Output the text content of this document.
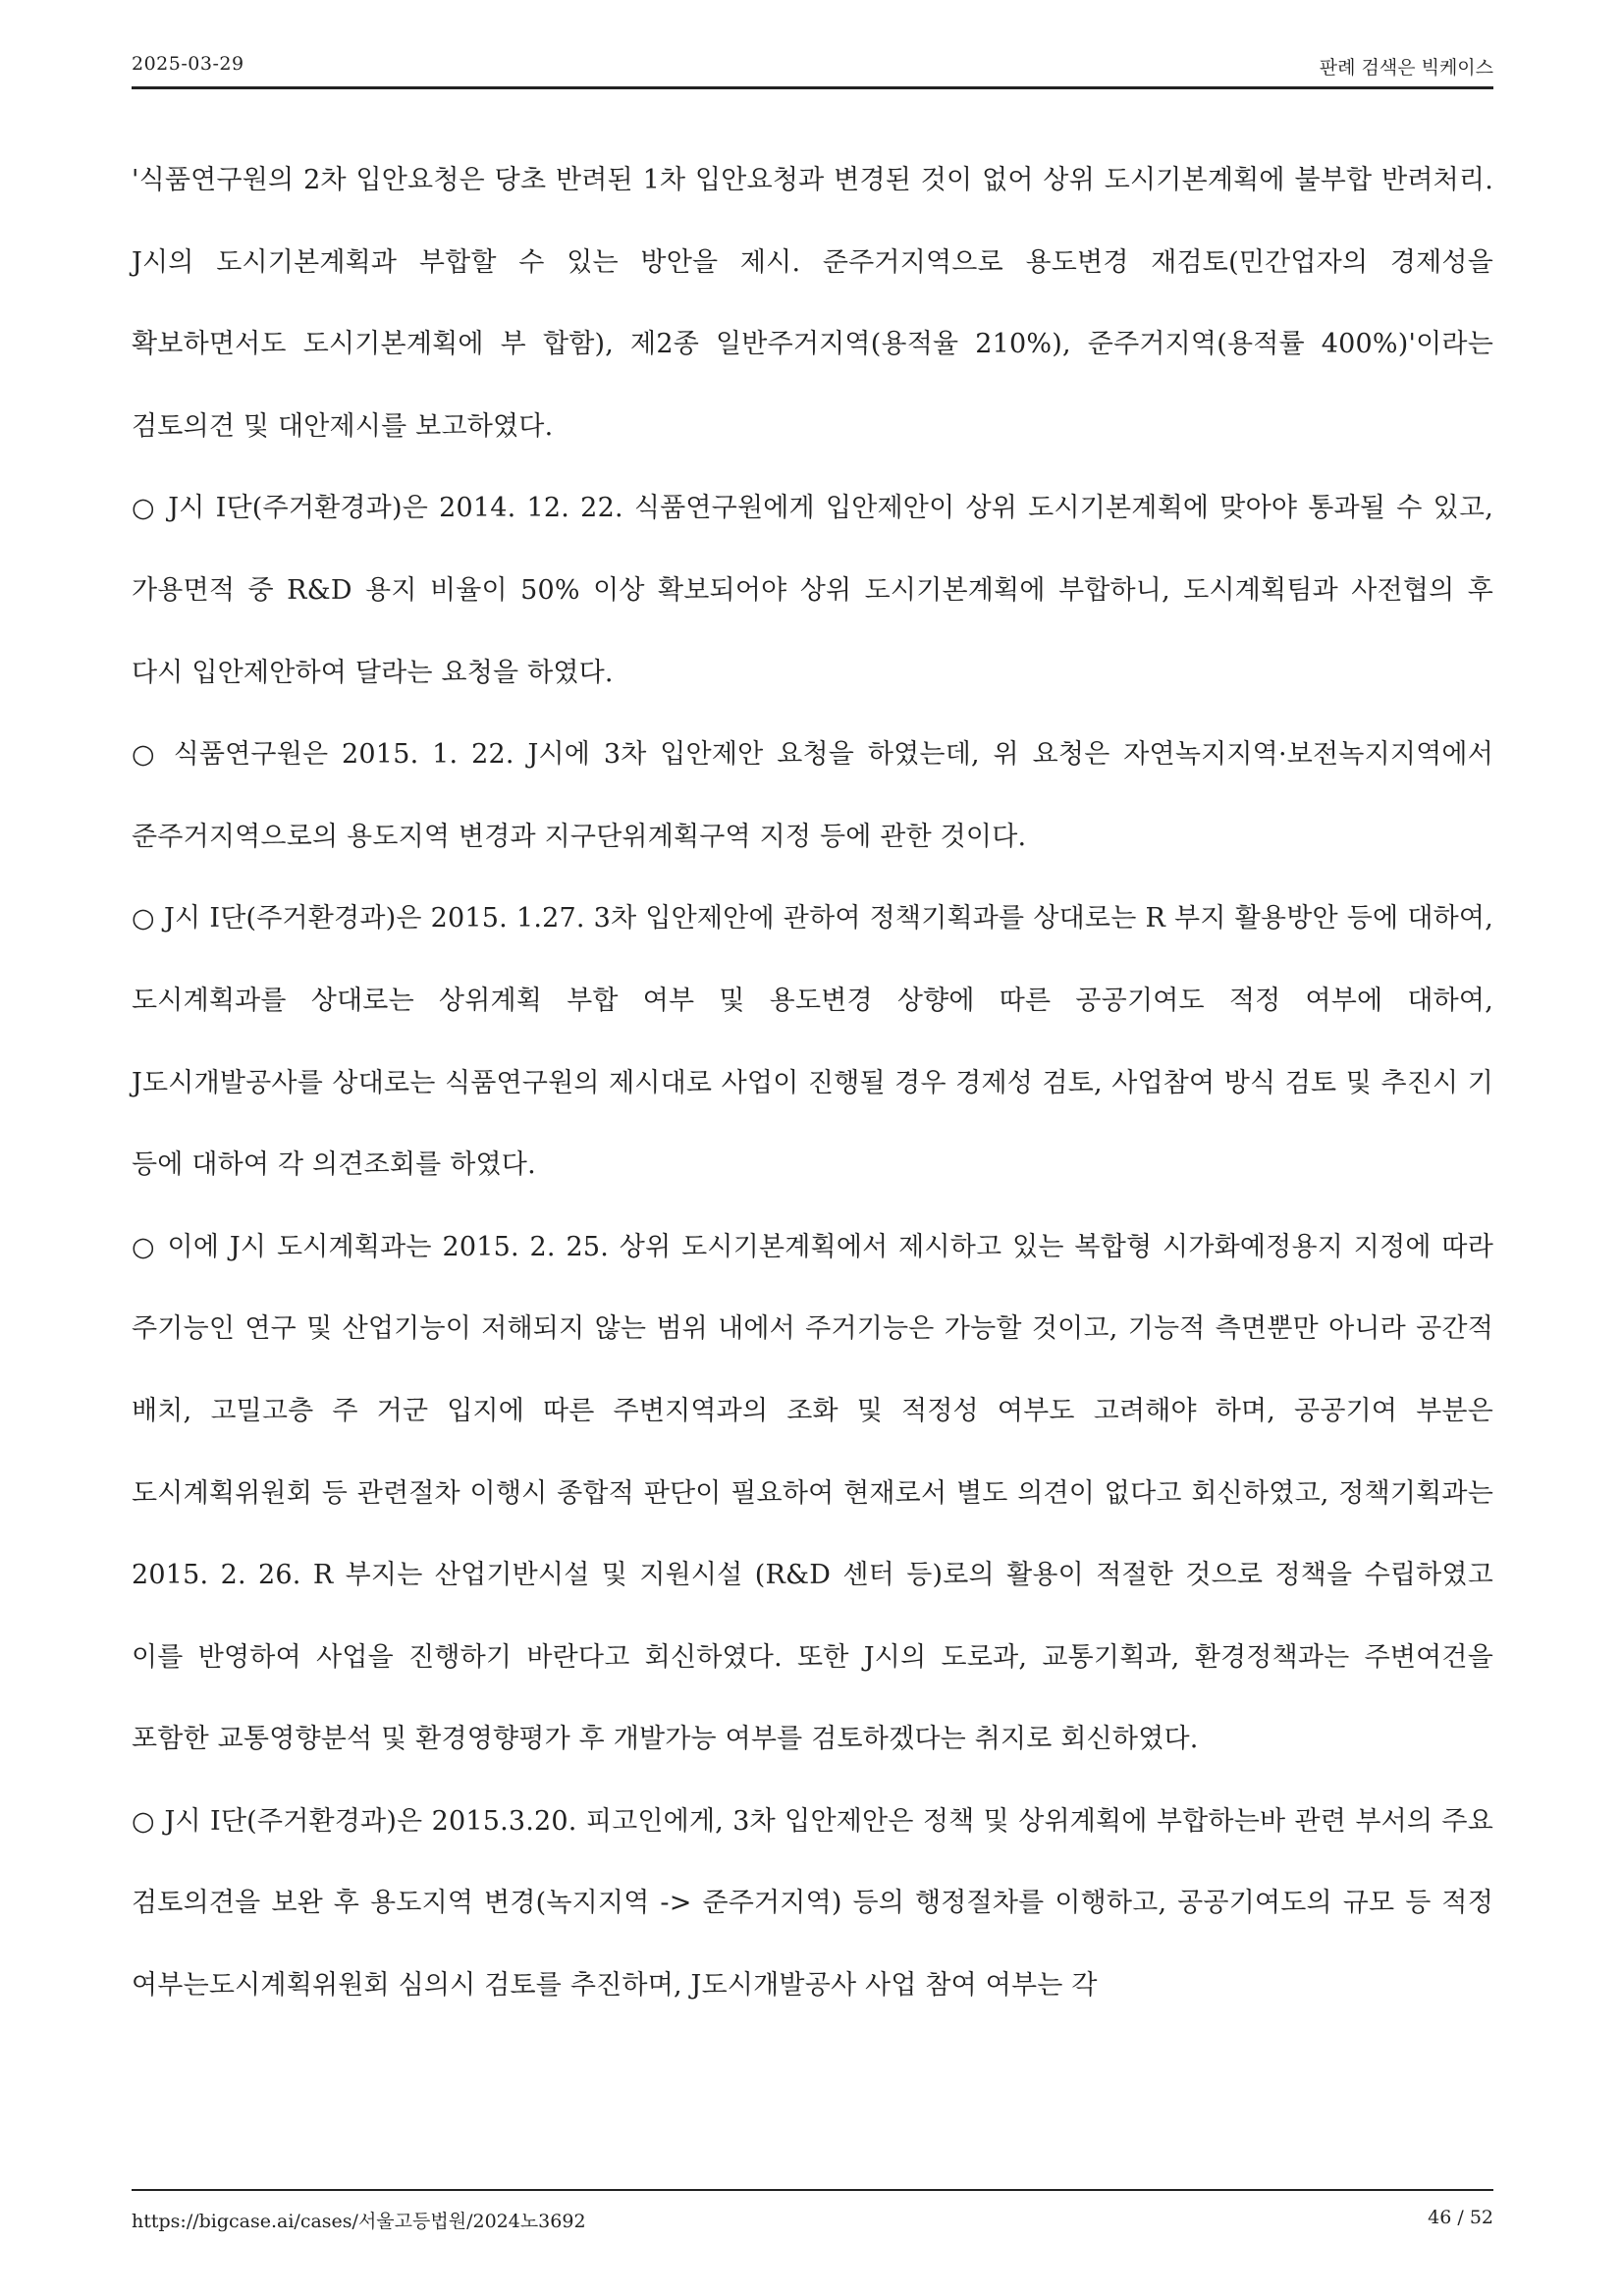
2025-03-29	판례 검색은 빅케이스

'식품연구원의 2차 입안요청은 당초 반려된 1차 입안요청과 변경된 것이 없어 상위 도시기본계획에 불부합 반려처리. J시의 도시기본계획과 부합할 수 있는 방안을 제시. 준주거지역으로 용도변경 재검토(민간업자의 경제성을 확보하면서도 도시기본계획에 부 합함), 제2종 일반주거지역(용적율 210%), 준주거지역(용적률 400%)'이라는 검토의견 및 대안제시를 보고하였다.

○ J시 I단(주거환경과)은 2014. 12. 22. 식품연구원에게 입안제안이 상위 도시기본계획에 맞아야 통과될 수 있고, 가용면적 중 R&D 용지 비율이 50% 이상 확보되어야 상위 도시기본계획에 부합하니, 도시계획팀과 사전협의 후 다시 입안제안하여 달라는 요청을 하였다.

○ 식품연구원은 2015. 1. 22. J시에 3차 입안제안 요청을 하였는데, 위 요청은 자연녹지지역·보전녹지지역에서 준주거지역으로의 용도지역 변경과 지구단위계획구역 지정 등에 관한 것이다.

○ J시 I단(주거환경과)은 2015. 1.27. 3차 입안제안에 관하여 정책기획과를 상대로는 R 부지 활용방안 등에 대하여, 도시계획과를 상대로는 상위계획 부합 여부 및 용도변경 상향에 따른 공공기여도 적정 여부에 대하여, J도시개발공사를 상대로는 식품연구원의 제시대로 사업이 진행될 경우 경제성 검토, 사업참여 방식 검토 및 추진시 기 등에 대하여 각 의견조회를 하였다.

○ 이에 J시 도시계획과는 2015. 2. 25. 상위 도시기본계획에서 제시하고 있는 복합형 시가화예정용지 지정에 따라 주기능인 연구 및 산업기능이 저해되지 않는 범위 내에서 주거기능은 가능할 것이고, 기능적 측면뿐만 아니라 공간적 배치, 고밀고층 주 거군 입지에 따른 주변지역과의 조화 및 적정성 여부도 고려해야 하며, 공공기여 부분은 도시계획위원회 등 관련절차 이행시 종합적 판단이 필요하여 현재로서 별도 의견이 없다고 회신하였고, 정책기획과는 2015. 2. 26. R 부지는 산업기반시설 및 지원시설 (R&D 센터 등)로의 활용이 적절한 것으로 정책을 수립하였고 이를 반영하여 사업을 진행하기 바란다고 회신하였다. 또한 J시의 도로과, 교통기획과, 환경정책과는 주변여건을 포함한 교통영향분석 및 환경영향평가 후 개발가능 여부를 검토하겠다는 취지로 회신하였다.

○ J시 I단(주거환경과)은 2015.3.20. 피고인에게, 3차 입안제안은 정책 및 상위계획에 부합하는바 관련 부서의 주요 검토의견을 보완 후 용도지역 변경(녹지지역 -> 준주거지역) 등의 행정절차를 이행하고, 공공기여도의 규모 등 적정 여부는도시계획위원회 심의시 검토를 추진하며, J도시개발공사 사업 참여 여부는 각

https://bigcase.ai/cases/서울고등법원/2024노3692	46 / 52
